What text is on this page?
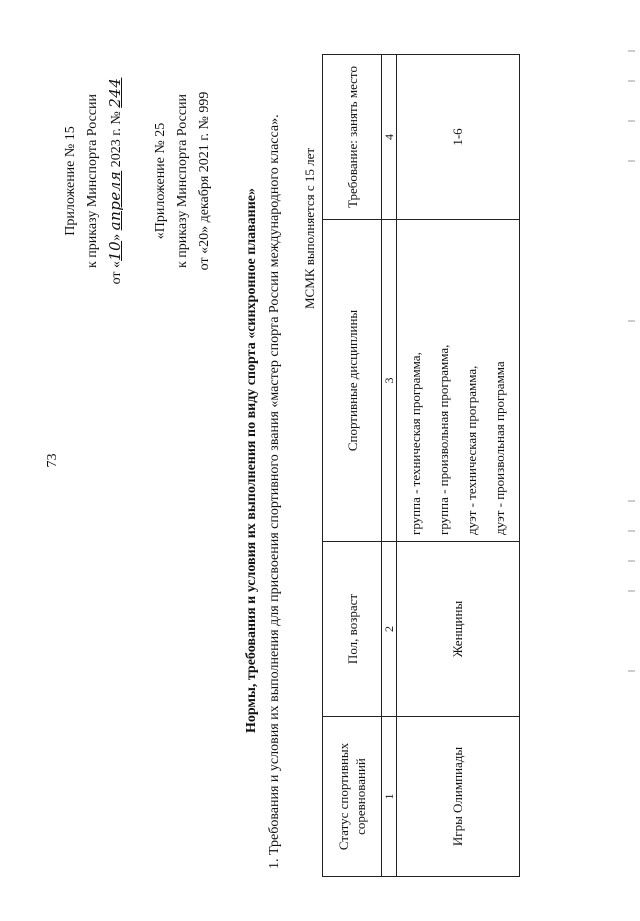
73
Приложение № 15 к приказу Минспорта России
от «10» апреля 2023 г. № 244
«Приложение № 25 к приказу Минспорта России от «20» декабря 2021 г. № 999
Нормы, требования и условия их выполнения по виду спорта «синхронное плавание» 1. Требования и условия их выполнения для присвоения спортивного звания «мастер спорта России международного класса». МСМК выполняется с 15 лет
Статус спортивных соревнований	Пол, возраст	Спортивные дисциплины	Требование: занять место
1	2	3	4
Игры Олимпиады	Женщины	группа - техническая программа, группа - произвольная программа, дуэт - техническая программа, дуэт - произвольная программа	1-6
